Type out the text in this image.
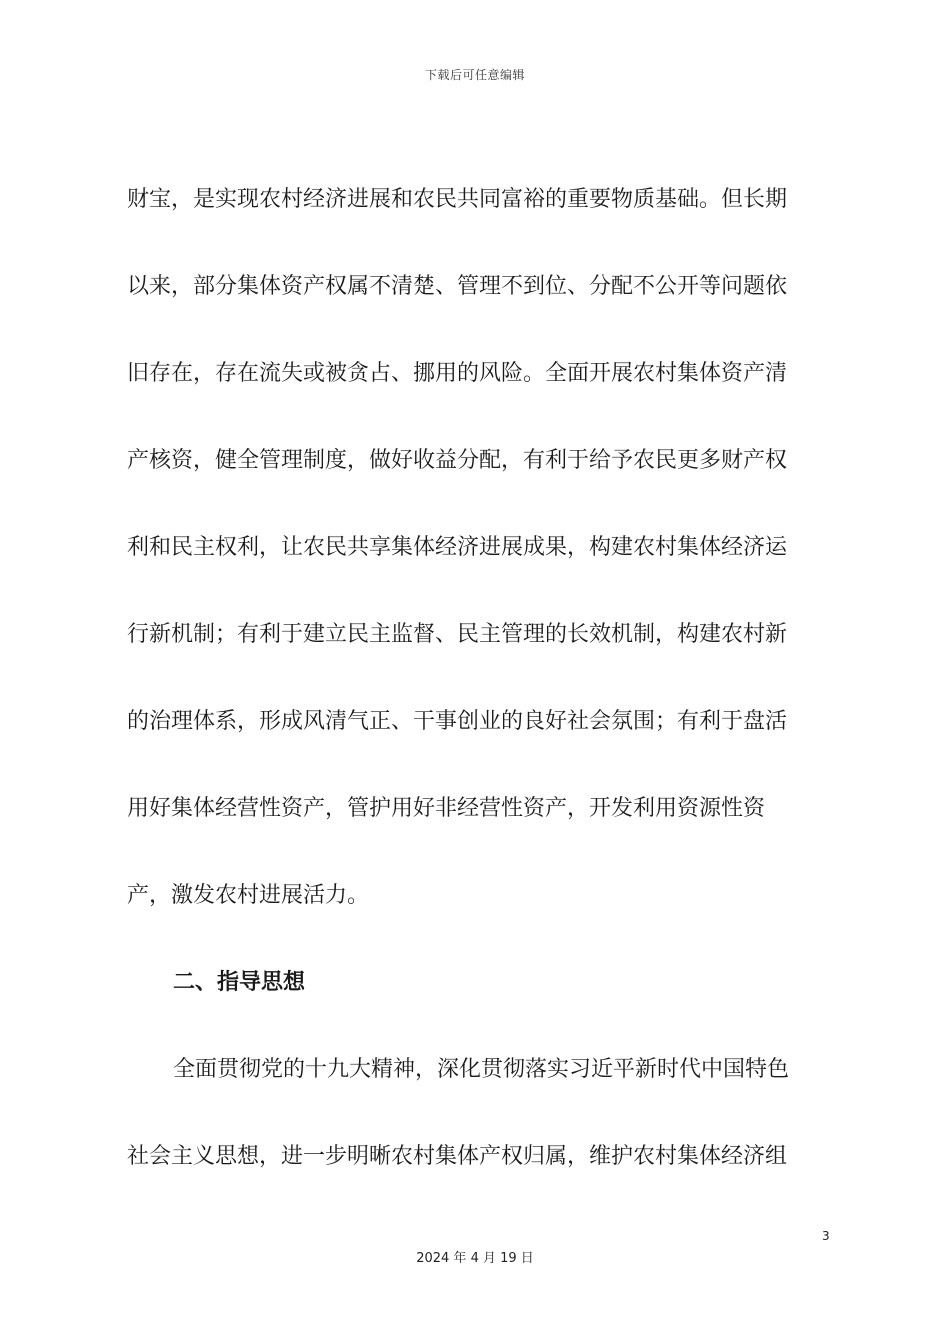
下载后可任意编辑
财宝，是实现农村经济进展和农民共同富裕的重要物质基础。但长期
以来，部分集体资产权属不清楚、管理不到位、分配不公开等问题依
旧存在，存在流失或被贪占、挪用的风险。全面开展农村集体资产清
产核资，健全管理制度，做好收益分配，有利于给予农民更多财产权
利和民主权利，让农民共享集体经济进展成果，构建农村集体经济运
行新机制；有利于建立民主监督、民主管理的长效机制，构建农村新
的治理体系，形成风清气正、干事创业的良好社会氛围；有利于盘活
用好集体经营性资产，管护用好非经营性资产，开发利用资源性资
产，激发农村进展活力。
二、指导思想
全面贯彻党的十九大精神，深化贯彻落实习近平新时代中国特色
社会主义思想，进一步明晰农村集体产权归属，维护农村集体经济组
3
2024 年 4 月 19 日
